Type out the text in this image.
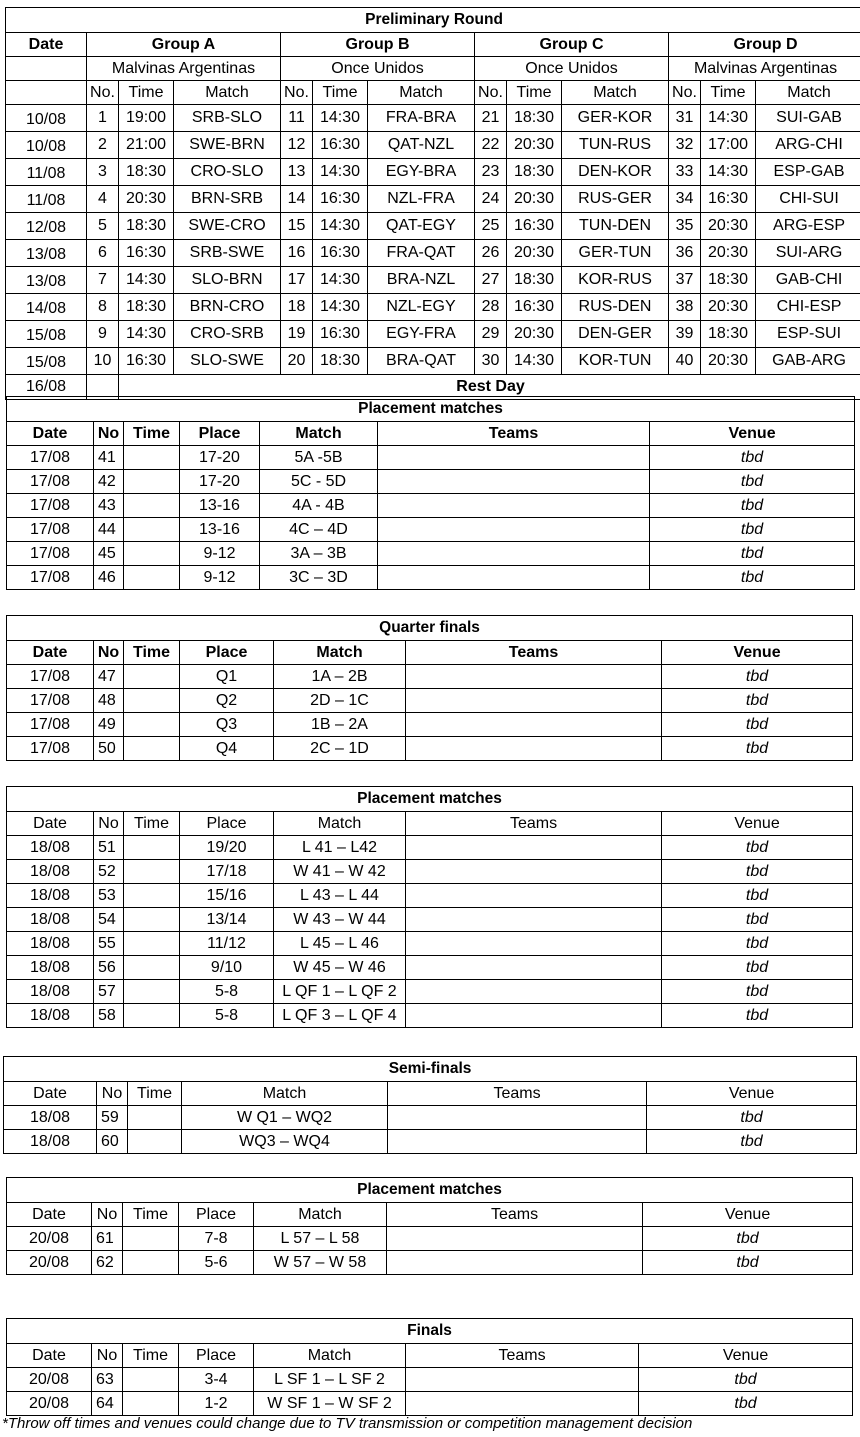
Preliminary Round												
Date	Group A			Group B			Group C			Group D		
	Malvinas Argentinas			Once Unidos			Once Unidos			Malvinas Argentinas		
	No.	Time	Match	No.	Time	Match	No.	Time	Match	No.	Time	Match
10/08	1	19:00	SRB-SLO	11	14:30	FRA-BRA	21	18:30	GER-KOR	31	14:30	SUI-GAB
10/08	2	21:00	SWE-BRN	12	16:30	QAT-NZL	22	20:30	TUN-RUS	32	17:00	ARG-CHI
11/08	3	18:30	CRO-SLO	13	14:30	EGY-BRA	23	18:30	DEN-KOR	33	14:30	ESP-GAB
11/08	4	20:30	BRN-SRB	14	16:30	NZL-FRA	24	20:30	RUS-GER	34	16:30	CHI-SUI
12/08	5	18:30	SWE-CRO	15	14:30	QAT-EGY	25	16:30	TUN-DEN	35	20:30	ARG-ESP
13/08	6	16:30	SRB-SWE	16	16:30	FRA-QAT	26	20:30	GER-TUN	36	20:30	SUI-ARG
13/08	7	14:30	SLO-BRN	17	14:30	BRA-NZL	27	18:30	KOR-RUS	37	18:30	GAB-CHI
14/08	8	18:30	BRN-CRO	18	14:30	NZL-EGY	28	16:30	RUS-DEN	38	20:30	CHI-ESP
15/08	9	14:30	CRO-SRB	19	16:30	EGY-FRA	29	20:30	DEN-GER	39	18:30	ESP-SUI
15/08	10	16:30	SLO-SWE	20	18:30	BRA-QAT	30	14:30	KOR-TUN	40	20:30	GAB-ARG
16/08		Rest Day										
Placement matches						
Date	No	Time	Place	Match	Teams	Venue
17/08	41		17-20	5A -5B		tbd
17/08	42		17-20	5C - 5D		tbd
17/08	43		13-16	4A - 4B		tbd
17/08	44		13-16	4C – 4D		tbd
17/08	45		9-12	3A – 3B		tbd
17/08	46		9-12	3C – 3D		tbd
Quarter finals						
Date	No	Time	Place	Match	Teams	Venue
17/08	47		Q1	1A – 2B		tbd
17/08	48		Q2	2D – 1C		tbd
17/08	49		Q3	1B – 2A		tbd
17/08	50		Q4	2C – 1D		tbd
Placement matches						
Date	No	Time	Place	Match	Teams	Venue
18/08	51		19/20	L 41 – L42		tbd
18/08	52		17/18	W 41 – W 42		tbd
18/08	53		15/16	L 43 – L 44		tbd
18/08	54		13/14	W 43 – W 44		tbd
18/08	55		11/12	L 45 – L 46		tbd
18/08	56		9/10	W 45 – W 46		tbd
18/08	57		5-8	L QF 1 – L QF 2		tbd
18/08	58		5-8	L QF 3 – L QF 4		tbd
Semi-finals					
Date	No	Time	Match	Teams	Venue
18/08	59		W Q1 – WQ2		tbd
18/08	60		WQ3 – WQ4		tbd
Placement matches						
Date	No	Time	Place	Match	Teams	Venue
20/08	61		7-8	L 57 – L 58		tbd
20/08	62		5-6	W 57 – W 58		tbd
Finals						
Date	No	Time	Place	Match	Teams	Venue
20/08	63		3-4	L SF 1 – L SF 2		tbd
20/08	64		1-2	W SF 1 – W SF 2		tbd
*Throw off times and venues could change due to TV transmission or competition management decision
